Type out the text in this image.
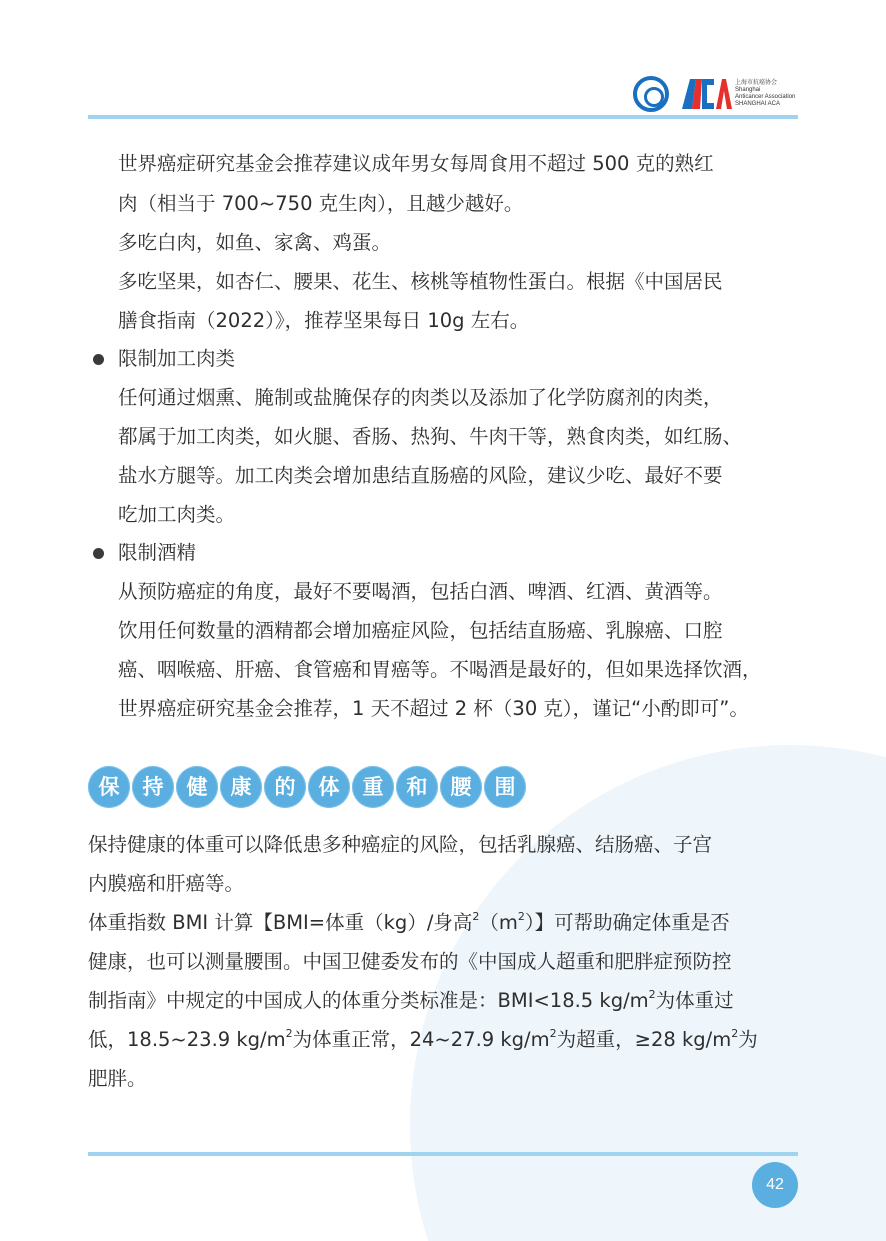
上海市抗癌协会
Shanghai
Anticancer Association
SHANGHAI ACA
世界癌症研究基金会推荐建议成年男女每周食用不超过 500 克的熟红
肉（相当于 700~750 克生肉），且越少越好。
多吃白肉，如鱼、家禽、鸡蛋。
多吃坚果，如杏仁、腰果、花生、核桃等植物性蛋白。根据《中国居民
膳食指南（2022）》，推荐坚果每日 10g 左右。
限制加工肉类
任何通过烟熏、腌制或盐腌保存的肉类以及添加了化学防腐剂的肉类，
都属于加工肉类，如火腿、香肠、热狗、牛肉干等，熟食肉类，如红肠、
盐水方腿等。加工肉类会增加患结直肠癌的风险，建议少吃、最好不要
吃加工肉类。
限制酒精
从预防癌症的角度，最好不要喝酒，包括白酒、啤酒、红酒、黄酒等。
饮用任何数量的酒精都会增加癌症风险，包括结直肠癌、乳腺癌、口腔
癌、咽喉癌、肝癌、食管癌和胃癌等。不喝酒是最好的，但如果选择饮酒，
世界癌症研究基金会推荐，1 天不超过 2 杯（30 克），谨记“小酌即可”。
保	持	健	康	的	体	重	和	腰	围
保持健康的体重可以降低患多种癌症的风险，包括乳腺癌、结肠癌、子宫
内膜癌和肝癌等。
体重指数 BMI 计算【BMI=体重（kg）/身高$^2(m^2)$】可帮助确定体重是否
健康，也可以测量腰围。中国卫健委发布的《中国成人超重和肥胖症预防控
制指南》中规定的中国成人的体重分类标准是：BMI<18.5 $kg/m^2$为体重过
低，18.5~23.9 $kg/m^2$为体重正常，24~27.9 $kg/m^2$为超重，≥28 $kg/m^2$为
肥胖。
42
